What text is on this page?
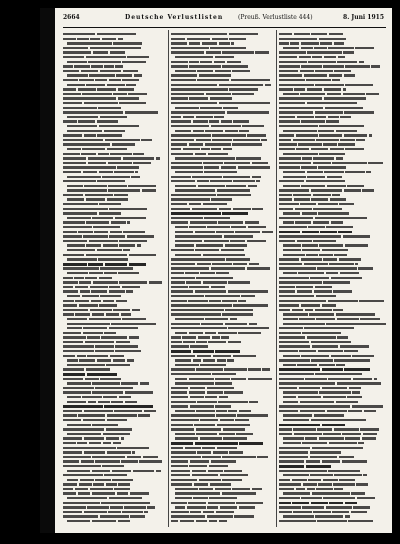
2664	Deutsche Verlustlisten (Preuß. Verlustliste 444)	8. Juni 1915
